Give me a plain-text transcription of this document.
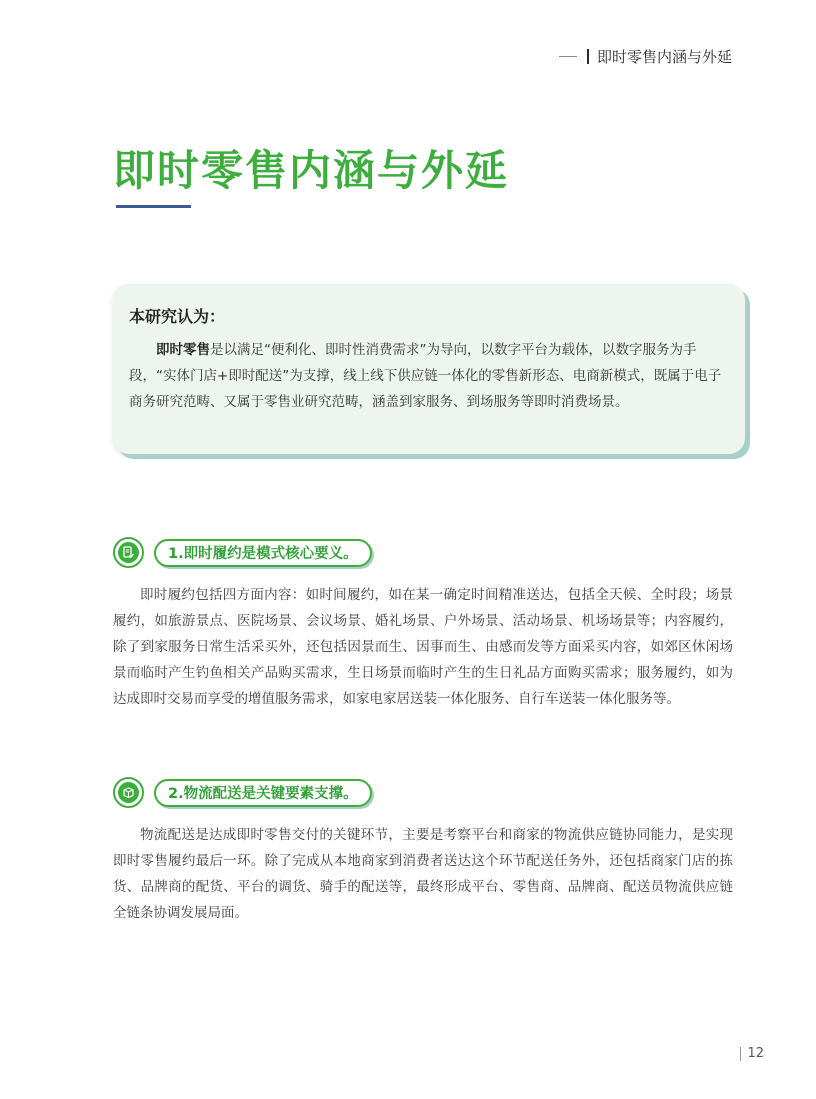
即时零售内涵与外延
即时零售内涵与外延

本研究认为：

即时零售是以满足“便利化、即时性消费需求”为导向，以数字平台为载体，以数字服务为手段，“实体门店+即时配送”为支撑，线上线下供应链一体化的零售新形态、电商新模式，既属于电子商务研究范畴、又属于零售业研究范畴，涵盖到家服务、到场服务等即时消费场景。

1.即时履约是模式核心要义。

即时履约包括四方面内容：如时间履约，如在某一确定时间精准送达，包括全天候、全时段；场景履约，如旅游景点、医院场景、会议场景、婚礼场景、户外场景、活动场景、机场场景等；内容履约，除了到家服务日常生活采买外，还包括因景而生、因事而生、由感而发等方面采买内容，如郊区休闲场景而临时产生钓鱼相关产品购买需求，生日场景而临时产生的生日礼品方面购买需求；服务履约，如为达成即时交易而享受的增值服务需求，如家电家居送装一体化服务、自行车送装一体化服务等。

2.物流配送是关键要素支撑。

物流配送是达成即时零售交付的关键环节，主要是考察平台和商家的物流供应链协同能力，是实现即时零售履约最后一环。除了完成从本地商家到消费者送达这个环节配送任务外，还包括商家门店的拣货、品牌商的配货、平台的调货、骑手的配送等，最终形成平台、零售商、品牌商、配送员物流供应链全链条协调发展局面。

12
